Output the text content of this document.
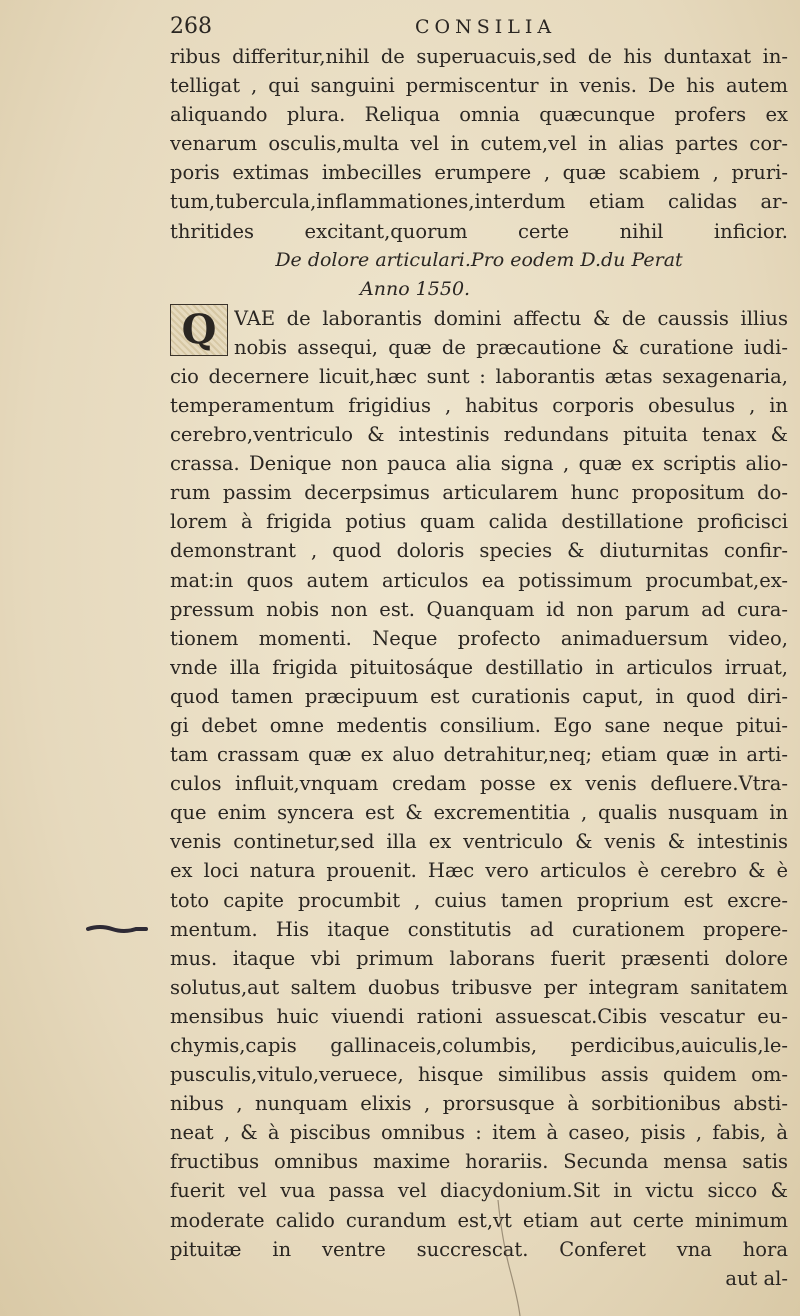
268	CONSILIA
ribus differitur,nihil de superuacuis,sed de his duntaxat in-
telligat , qui sanguini permiscentur in venis. De his autem
aliquando plura. Reliqua omnia quæcunque profers ex
venarum osculis,multa vel in cutem,vel in alias partes cor-
poris extimas imbecilles erumpere , quæ scabiem , pruri-
tum,tubercula,inflammationes,interdum etiam calidas ar-
thritides excitant,quorum certe nihil inficior.
De dolore articulari.Pro eodem D.du Perat
Anno 1550.
Q VAE de laborantis domini affectu & de caussis illius
nobis assequi, quæ de præcautione & curatione iudi-
cio decernere licuit,hæc sunt : laborantis ætas sexagenaria,
temperamentum frigidius , habitus corporis obesulus , in
cerebro,ventriculo & intestinis redundans pituita tenax &
crassa. Denique non pauca alia signa , quæ ex scriptis alio-
rum passim decerpsimus articularem hunc propositum do-
lorem à frigida potius quam calida destillatione proficisci
demonstrant , quod doloris species & diuturnitas confir-
mat:in quos autem articulos ea potissimum procumbat,ex-
pressum nobis non est. Quanquam id non parum ad cura-
tionem momenti. Neque profecto animaduersum video,
vnde illa frigida pituitosáque destillatio in articulos irruat,
quod tamen præcipuum est curationis caput, in quod diri-
gi debet omne medentis consilium. Ego sane neque pitui-
tam crassam quæ ex aluo detrahitur,neq; etiam quæ in arti-
culos influit,vnquam credam posse ex venis defluere.Vtra-
que enim syncera est & excrementitia , qualis nusquam in
venis continetur,sed illa ex ventriculo & venis & intestinis
ex loci natura prouenit. Hæc vero articulos è cerebro & è
toto capite procumbit , cuius tamen proprium est excre-
mentum. His itaque constitutis ad curationem propere-
mus. itaque vbi primum laborans fuerit præsenti dolore
solutus,aut saltem duobus tribusve per integram sanitatem
mensibus huic viuendi rationi assuescat.Cibis vescatur eu-
chymis,capis gallinaceis,columbis, perdicibus,auiculis,le-
pusculis,vitulo,veruece, hisque similibus assis quidem om-
nibus , nunquam elixis , prorsusque à sorbitionibus absti-
neat , & à piscibus omnibus : item à caseo, pisis , fabis, à
fructibus omnibus maxime horariis. Secunda mensa satis
fuerit vel vua passa vel diacydonium.Sit in victu sicco &
moderate calido curandum est,vt etiam aut certe minimum
pituitæ in ventre succrescat. Conferet vna hora
aut al-
